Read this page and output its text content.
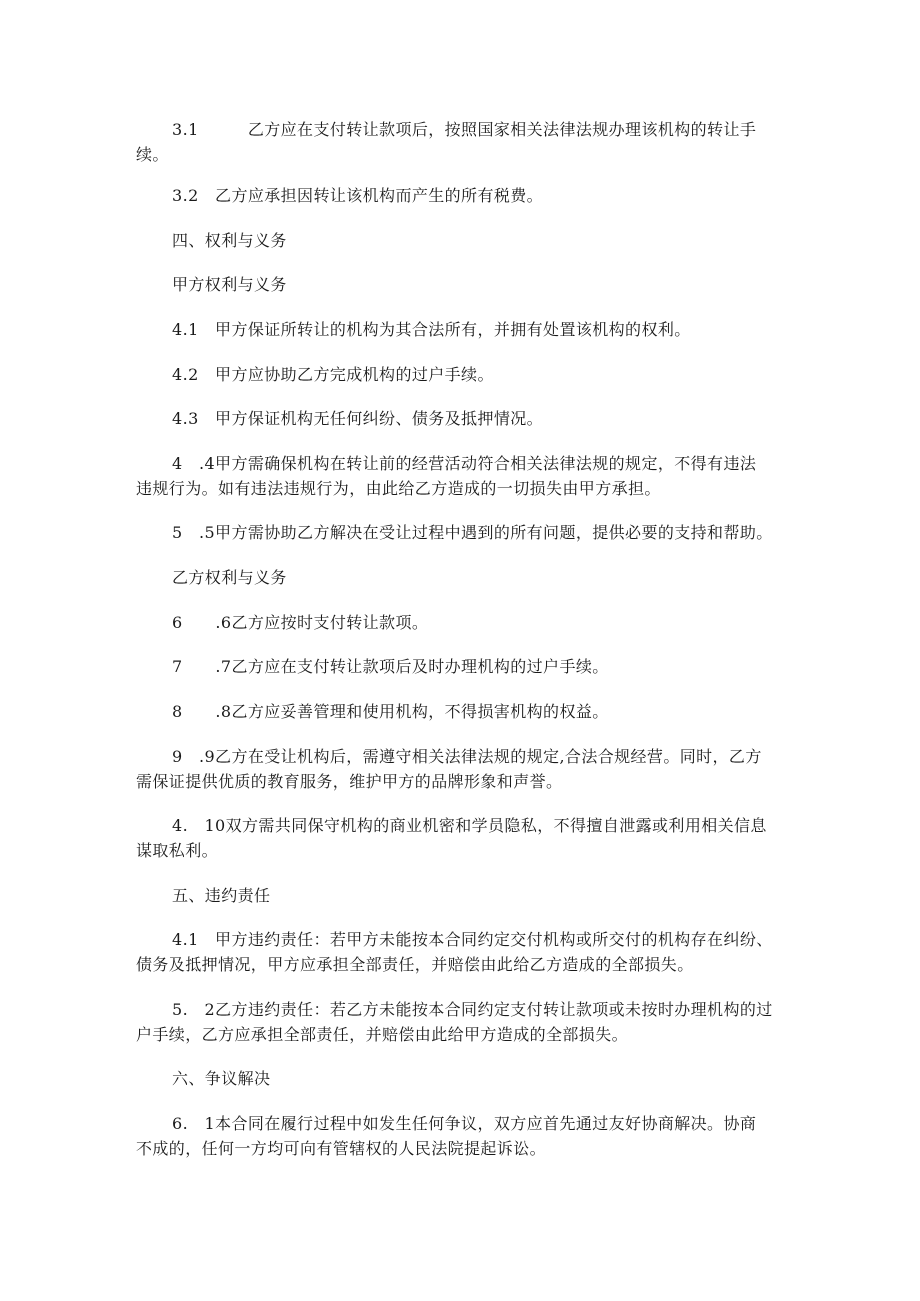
3.1　　　乙方应在支付转让款项后，按照国家相关法律法规办理该机构的转让手
续。
3.2　乙方应承担因转让该机构而产生的所有税费。
四、权利与义务
甲方权利与义务
4.1　甲方保证所转让的机构为其合法所有，并拥有处置该机构的权利。
4.2　甲方应协助乙方完成机构的过户手续。
4.3　甲方保证机构无任何纠纷、债务及抵押情况。
4　.4甲方需确保机构在转让前的经营活动符合相关法律法规的规定，不得有违法
违规行为。如有违法违规行为，由此给乙方造成的一切损失由甲方承担。
5　.5甲方需协助乙方解决在受让过程中遇到的所有问题，提供必要的支持和帮助。
乙方权利与义务
6　　.6乙方应按时支付转让款项。
7　　.7乙方应在支付转让款项后及时办理机构的过户手续。
8　　.8乙方应妥善管理和使用机构，不得损害机构的权益。
9　.9乙方在受让机构后，需遵守相关法律法规的规定,合法合规经营。同时，乙方
需保证提供优质的教育服务，维护甲方的品牌形象和声誉。
4.　10双方需共同保守机构的商业机密和学员隐私，不得擅自泄露或利用相关信息
谋取私利。
五、违约责任
4.1　甲方违约责任：若甲方未能按本合同约定交付机构或所交付的机构存在纠纷、
债务及抵押情况，甲方应承担全部责任，并赔偿由此给乙方造成的全部损失。
5.　2乙方违约责任：若乙方未能按本合同约定支付转让款项或未按时办理机构的过
户手续，乙方应承担全部责任，并赔偿由此给甲方造成的全部损失。
六、争议解决
6.　1本合同在履行过程中如发生任何争议，双方应首先通过友好协商解决。协商
不成的，任何一方均可向有管辖权的人民法院提起诉讼。
